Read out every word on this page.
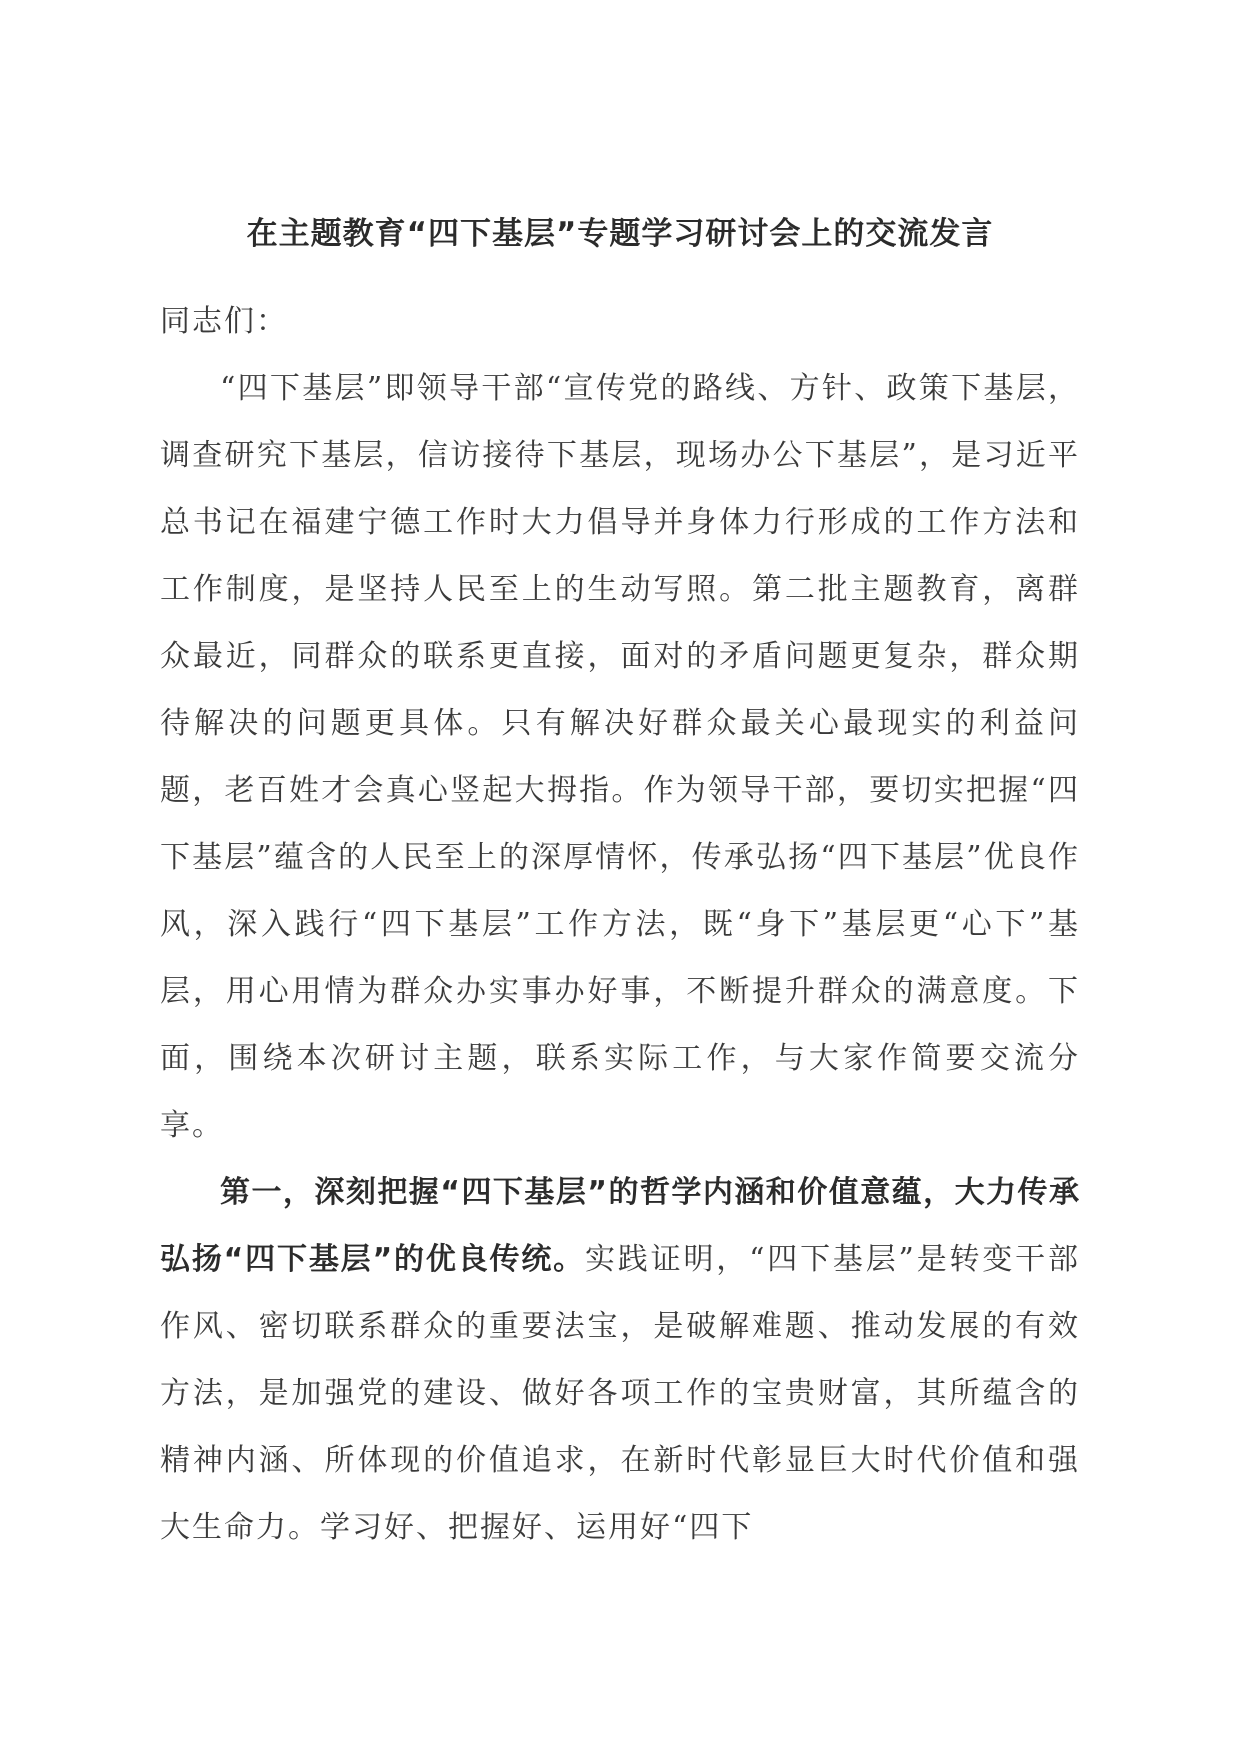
在主题教育“四下基层”专题学习研讨会上的交流发言

同志们：

“四下基层”即领导干部“宣传党的路线、方针、政策下基层，调查研究下基层，信访接待下基层，现场办公下基层”，是习近平总书记在福建宁德工作时大力倡导并身体力行形成的工作方法和工作制度，是坚持人民至上的生动写照。第二批主题教育，离群众最近，同群众的联系更直接，面对的矛盾问题更复杂，群众期待解决的问题更具体。只有解决好群众最关心最现实的利益问题，老百姓才会真心竖起大拇指。作为领导干部，要切实把握“四下基层”蕴含的人民至上的深厚情怀，传承弘扬“四下基层”优良作风，深入践行“四下基层”工作方法，既“身下”基层更“心下”基层，用心用情为群众办实事办好事，不断提升群众的满意度。下面，围绕本次研讨主题，联系实际工作，与大家作简要交流分享。

第一，深刻把握“四下基层”的哲学内涵和价值意蕴，大力传承弘扬“四下基层”的优良传统。实践证明，“四下基层”是转变干部作风、密切联系群众的重要法宝，是破解难题、推动发展的有效方法，是加强党的建设、做好各项工作的宝贵财富，其所蕴含的精神内涵、所体现的价值追求，在新时代彰显巨大时代价值和强大生命力。学习好、把握好、运用好“四下
